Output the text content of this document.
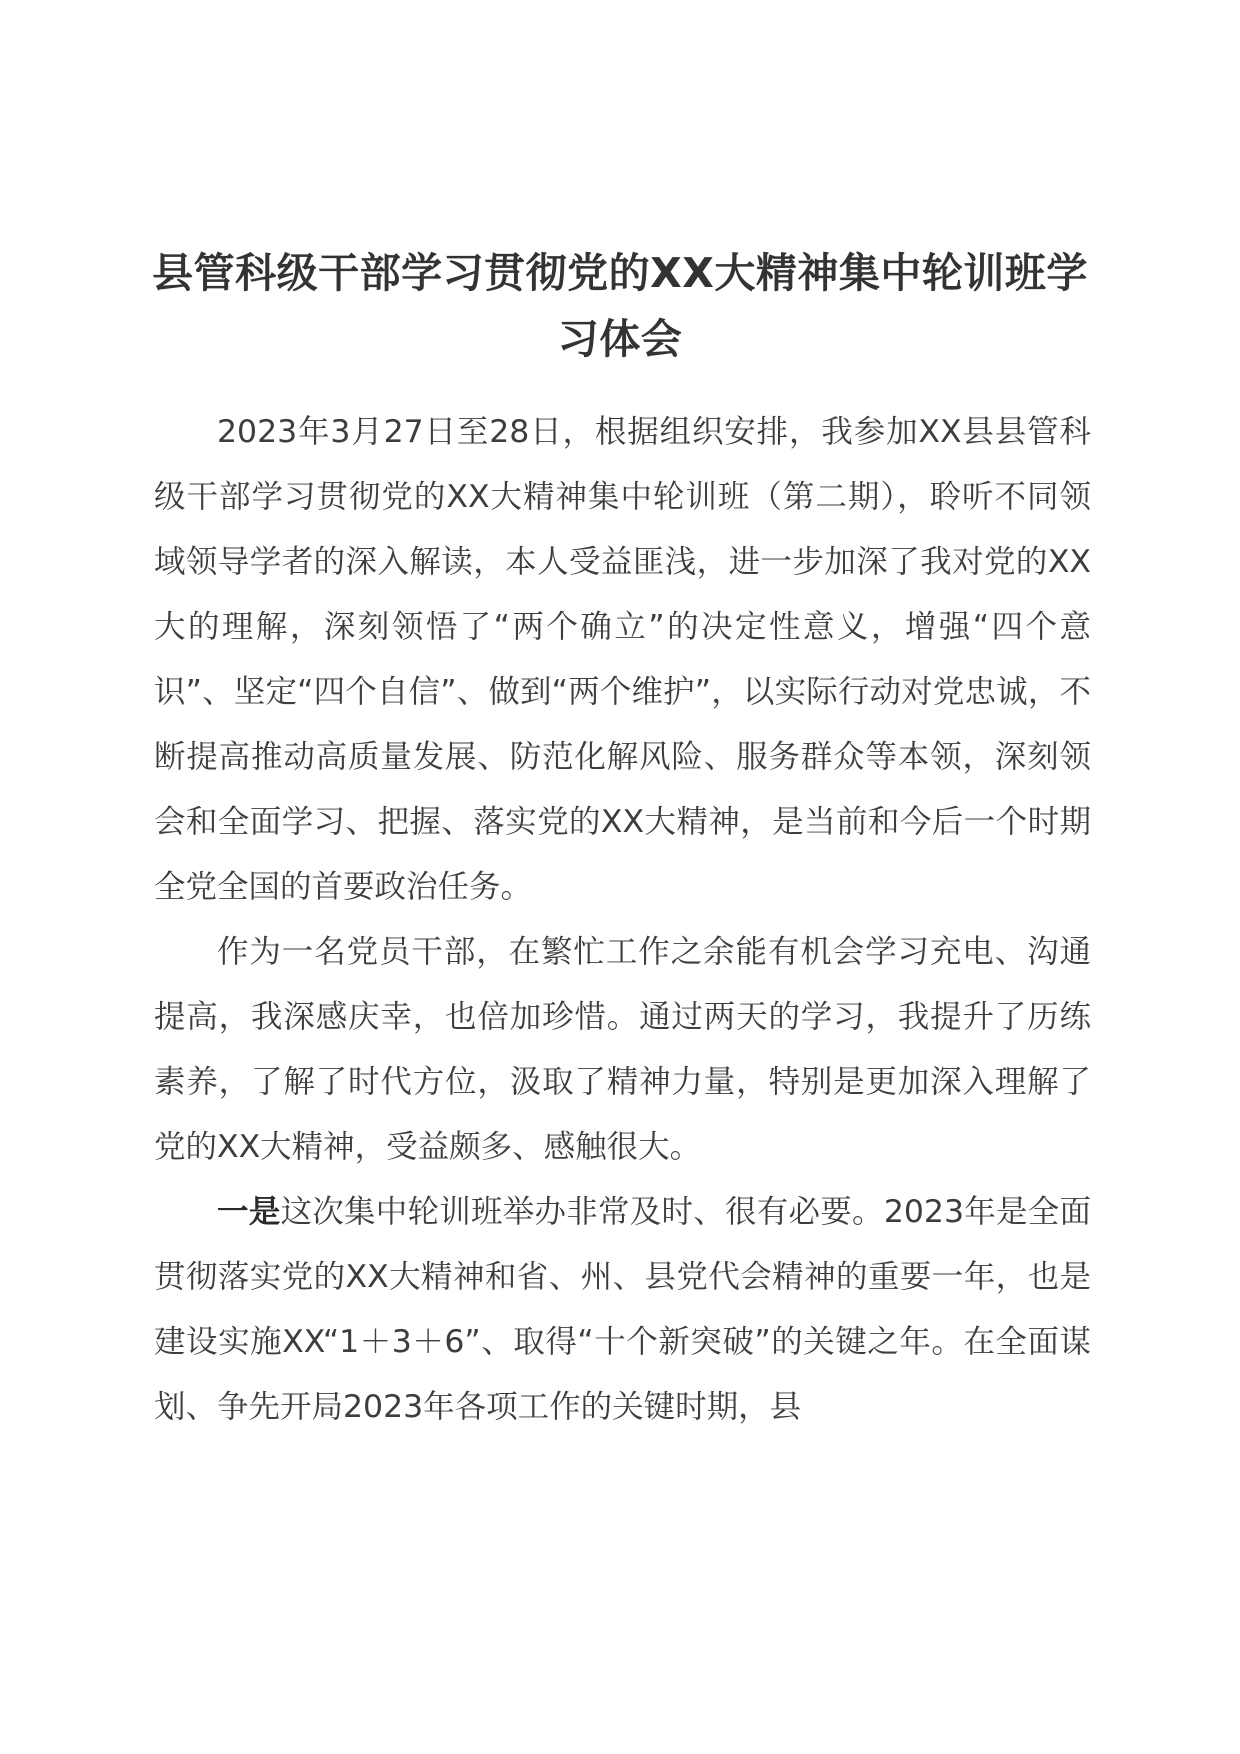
县管科级干部学习贯彻党的XX大精神集中轮训班学习体会

2023年3月27日至28日，根据组织安排，我参加XX县县管科级干部学习贯彻党的XX大精神集中轮训班（第二期），聆听不同领域领导学者的深入解读，本人受益匪浅，进一步加深了我对党的XX大的理解，深刻领悟了“两个确立”的决定性意义，增强“四个意识”、坚定“四个自信”、做到“两个维护”，以实际行动对党忠诚，不断提高推动高质量发展、防范化解风险、服务群众等本领，深刻领会和全面学习、把握、落实党的XX大精神，是当前和今后一个时期全党全国的首要政治任务。

作为一名党员干部，在繁忙工作之余能有机会学习充电、沟通提高，我深感庆幸，也倍加珍惜。通过两天的学习，我提升了历练素养，了解了时代方位，汲取了精神力量，特别是更加深入理解了党的XX大精神，受益颇多、感触很大。

一是这次集中轮训班举办非常及时、很有必要。2023年是全面贯彻落实党的XX大精神和省、州、县党代会精神的重要一年，也是建设实施XX“1＋3＋6”、取得“十个新突破”的关键之年。在全面谋划、争先开局2023年各项工作的关键时期，县
